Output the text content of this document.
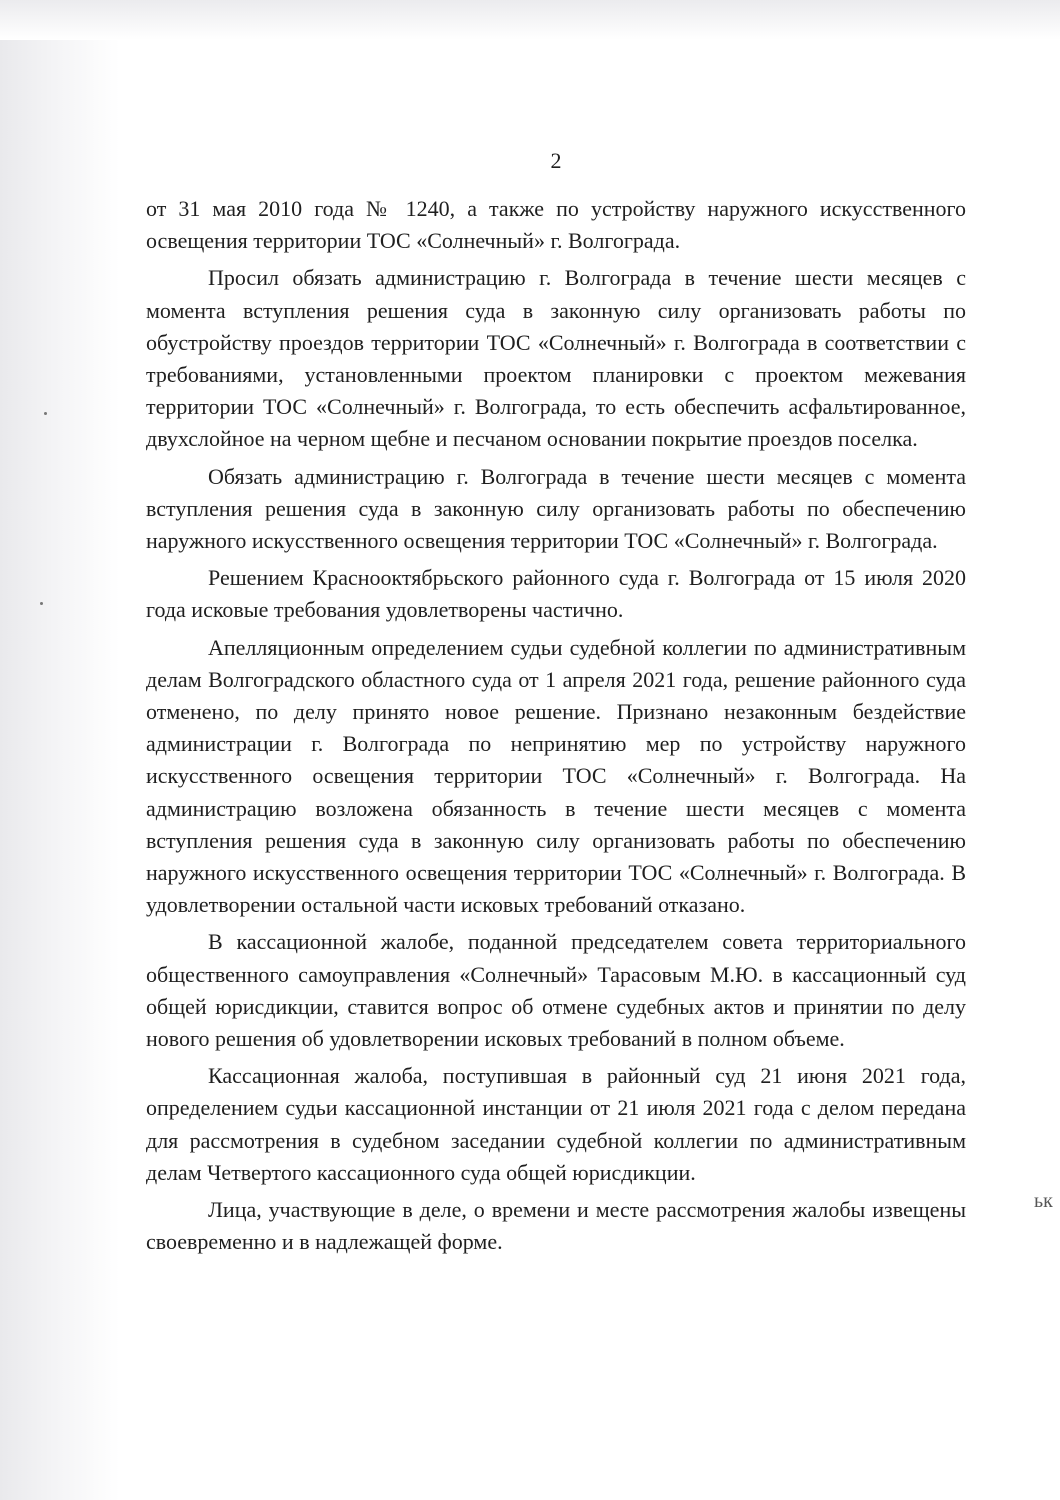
2

от 31 мая 2010 года № 1240, а также по устройству наружного искусственного освещения территории ТОС «Солнечный» г. Волгограда.

Просил обязать администрацию г. Волгограда в течение шести месяцев с момента вступления решения суда в законную силу организовать работы по обустройству проездов территории ТОС «Солнечный» г. Волгограда в соответствии с требованиями, установленными проектом планировки с проектом межевания территории ТОС «Солнечный» г. Волгограда, то есть обеспечить асфальтированное, двухслойное на черном щебне и песчаном основании покрытие проездов поселка.

Обязать администрацию г. Волгограда в течение шести месяцев с момента вступления решения суда в законную силу организовать работы по обеспечению наружного искусственного освещения территории ТОС «Солнечный» г. Волгограда.

Решением Краснооктябрьского районного суда г. Волгограда от 15 июля 2020 года исковые требования удовлетворены частично.

Апелляционным определением судьи судебной коллегии по административным делам Волгоградского областного суда от 1 апреля 2021 года, решение районного суда отменено, по делу принято новое решение. Признано незаконным бездействие администрации г. Волгограда по непринятию мер по устройству наружного искусственного освещения территории ТОС «Солнечный» г. Волгограда. На администрацию возложена обязанность в течение шести месяцев с момента вступления решения суда в законную силу организовать работы по обеспечению наружного искусственного освещения территории ТОС «Солнечный» г. Волгограда. В удовлетворении остальной части исковых требований отказано.

В кассационной жалобе, поданной председателем совета территориального общественного самоуправления «Солнечный» Тарасовым М.Ю. в кассационный суд общей юрисдикции, ставится вопрос об отмене судебных актов и принятии по делу нового решения об удовлетворении исковых требований в полном объеме.

Кассационная жалоба, поступившая в районный суд 21 июня 2021 года, определением судьи кассационной инстанции от 21 июля 2021 года с делом передана для рассмотрения в судебном заседании судебной коллегии по административным делам Четвертого кассационного суда общей юрисдикции.

Лица, участвующие в деле, о времени и месте рассмотрения жалобы извещены своевременно и в надлежащей форме.

ьк
